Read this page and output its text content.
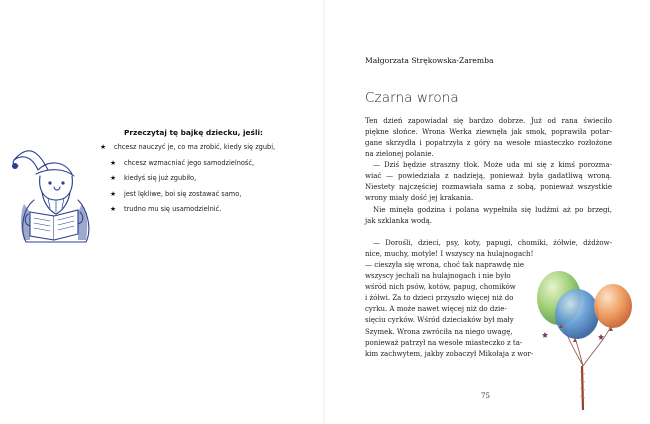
Przeczytaj tę bajkę dziecku, jeśli:
★ chcesz nauczyć je, co ma zrobić, kiedy się zgubi,
★ chcesz wzmacniać jego samodzielność,
★ kiedyś się już zgubiło,
★ jest lękliwe, boi się zostawać samo,
★ trudno mu się usamodzielnić.
Małgorzata Strękowska-Zaremba
Czarna wrona

Ten dzień zapowiadał się bardzo dobrze. Już od rana świeciło
piękne słońce. Wrona Werka ziewnęła jak smok, poprawiła potar-
gane skrzydła i popatrzyła z góry na wesołe miasteczko rozłożone
na zielonej polanie.

— Dziś będzie straszny tłok. Może uda mi się z kimś porozma-
wiać — powiedziała z nadzieją, ponieważ była gadatliwą wroną.
Niestety najczęściej rozmawiała sama z sobą, ponieważ wszystkie
wrony miały dość jej krakania.

Nie minęła godzina i polana wypełniła się ludźmi aż po brzegi,
jak szklanka wodą.

— Dorośli, dzieci, psy, koty, papugi, chomiki, żółwie, dżdżow-
nice, muchy, motyle! I wszyscy na hulajnogach!

— cieszyła się wrona, choć tak naprawdę nie
wszyscy jechali na hulajnogach i nie było
wśród nich psów, kotów, papug, chomików
i żółwi. Za to dzieci przyszło więcej niż do
cyrku. A może nawet więcej niż do dzie-
sięciu cyrków. Wśród dzieciaków był mały
Szymek. Wrona zwróciła na niego uwagę,
ponieważ patrzył na wesołe miasteczko z ta-
kim zachwytem, jakby zobaczył Mikołaja z wor-
75
